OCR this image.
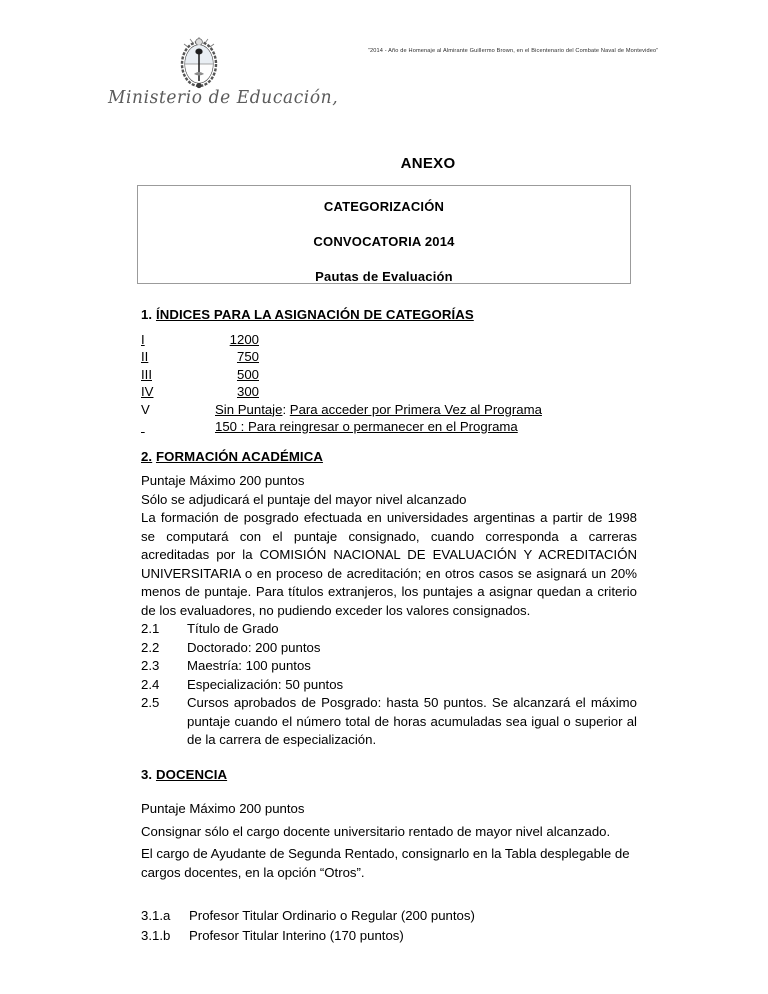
Ministerio de Educación,
“2014 - Año de Homenaje al Almirante Guillermo Brown, en el Bicentenario del Combate Naval de Montevideo”
ANEXO
CATEGORIZACIÓN
CONVOCATORIA 2014
Pautas de Evaluación
1. ÍNDICES PARA LA ASIGNACIÓN DE CATEGORÍAS
I	1200	
II	750	
III	500	
IV	300	
V	Sin Puntaje: Para acceder por Primera Vez al Programa	
	150 : Para reingresar o permanecer en el Programa	
2. FORMACIÓN ACADÉMICA

Puntaje Máximo 200 puntos

Sólo se adjudicará el puntaje del mayor nivel alcanzado

La formación de posgrado efectuada en universidades argentinas a partir de 1998 se computará con el puntaje consignado, cuando corresponda a carreras acreditadas por la COMISIÓN NACIONAL DE EVALUACIÓN Y ACREDITACIÓN UNIVERSITARIA o en proceso de acreditación; en otros casos se asignará un 20% menos de puntaje. Para títulos extranjeros, los puntajes a asignar quedan a criterio de los evaluadores, no pudiendo exceder los valores consignados.

2.1	Título de Grado
2.2	Doctorado: 200 puntos
2.3	Maestría: 100 puntos
2.4	Especialización: 50 puntos
2.5	Cursos aprobados de Posgrado: hasta 50 puntos. Se alcanzará el máximo puntaje cuando el número total de horas acumuladas sea igual o superior al de la carrera de especialización.
3. DOCENCIA

Puntaje Máximo 200 puntos

Consignar sólo el cargo docente universitario rentado de mayor nivel alcanzado.

El cargo de Ayudante de Segunda Rentado, consignarlo en la Tabla desplegable de cargos docentes, en la opción “Otros”.

3.1.a	Profesor Titular Ordinario o Regular (200 puntos)
3.1.b	Profesor Titular Interino (170 puntos)
